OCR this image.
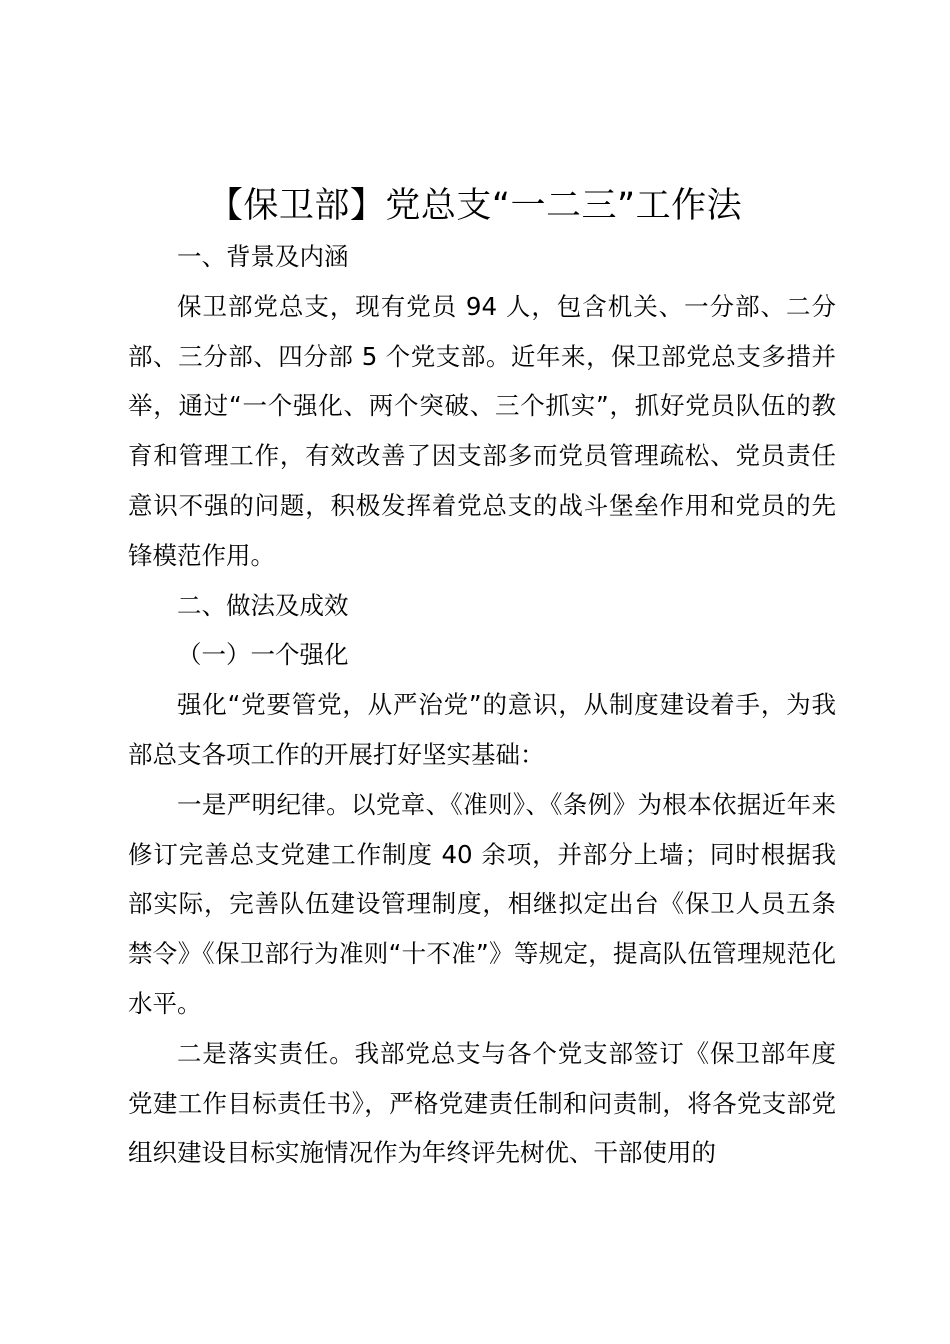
【保卫部】党总支“一二三”工作法

一、背景及内涵

保卫部党总支，现有党员 94 人，包含机关、一分部、二分部、三分部、四分部 5 个党支部。近年来，保卫部党总支多措并举，通过“一个强化、两个突破、三个抓实”，抓好党员队伍的教育和管理工作，有效改善了因支部多而党员管理疏松、党员责任意识不强的问题，积极发挥着党总支的战斗堡垒作用和党员的先锋模范作用。

二、做法及成效

（一）一个强化

强化“党要管党，从严治党”的意识，从制度建设着手，为我部总支各项工作的开展打好坚实基础：

一是严明纪律。以党章、《准则》、《条例》为根本依据近年来修订完善总支党建工作制度 40 余项，并部分上墙；同时根据我部实际，完善队伍建设管理制度，相继拟定出台《保卫人员五条禁令》《保卫部行为准则“十不准”》等规定，提高队伍管理规范化水平。

二是落实责任。我部党总支与各个党支部签订《保卫部年度党建工作目标责任书》，严格党建责任制和问责制，将各党支部党组织建设目标实施情况作为年终评先树优、干部使用的
